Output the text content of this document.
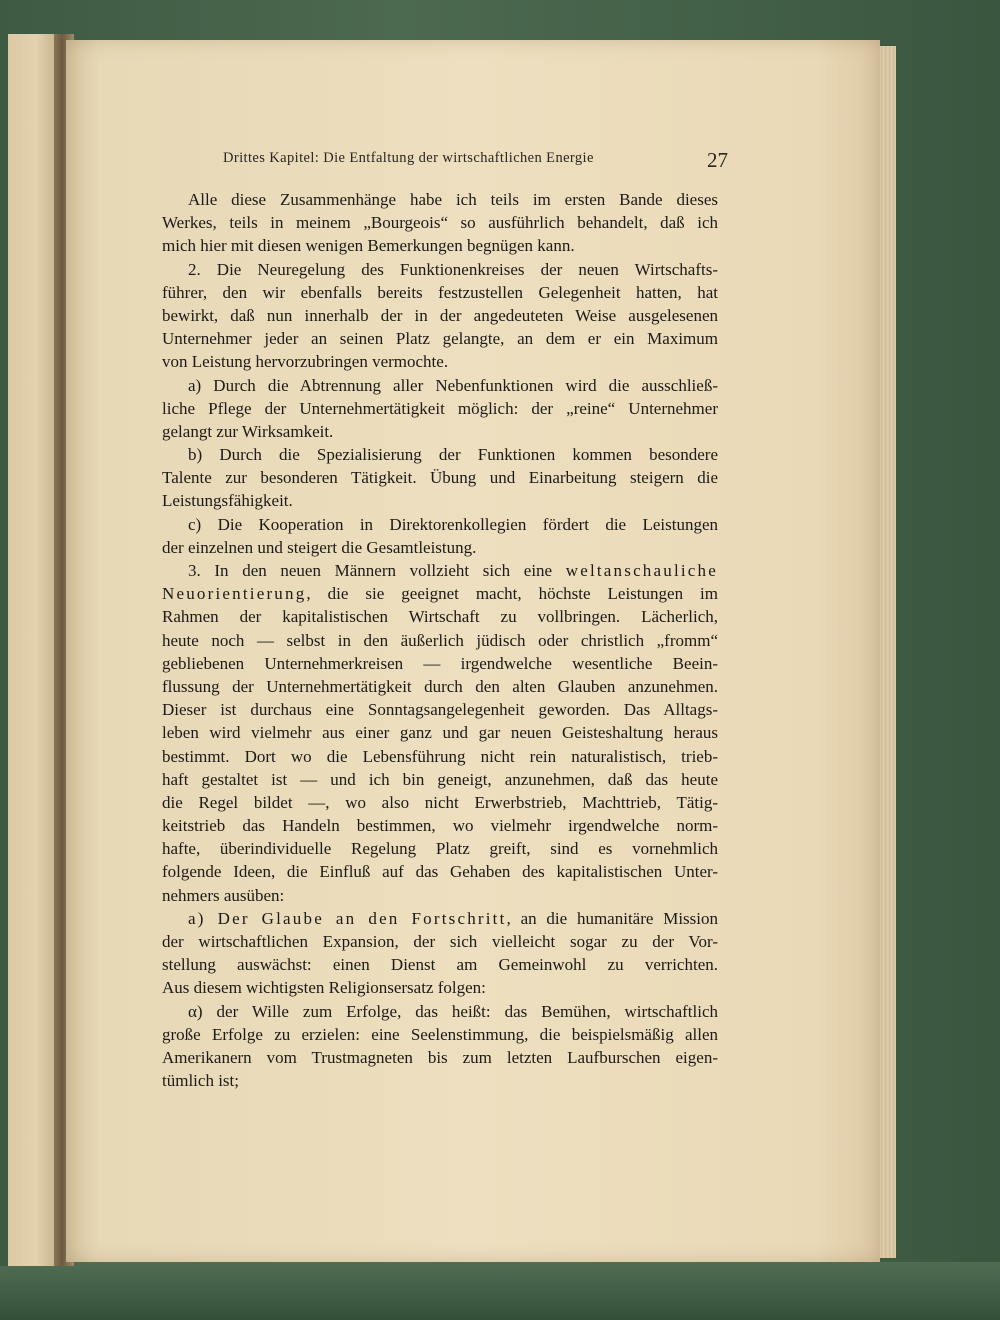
Drittes Kapitel: Die Entfaltung der wirtschaftlichen Energie	27
Alle diese Zusammenhänge habe ich teils im ersten Bande dieses
Werkes, teils in meinem „Bourgeois“ so ausführlich behandelt, daß ich
mich hier mit diesen wenigen Bemerkungen begnügen kann.
2. Die Neuregelung des Funktionenkreises der neuen Wirtschafts-
führer, den wir ebenfalls bereits festzustellen Gelegenheit hatten, hat
bewirkt, daß nun innerhalb der in der angedeuteten Weise ausgelesenen
Unternehmer jeder an seinen Platz gelangte, an dem er ein Maximum
von Leistung hervorzubringen vermochte.
a) Durch die Abtrennung aller Nebenfunktionen wird die ausschließ-
liche Pflege der Unternehmertätigkeit möglich: der „reine“ Unternehmer
gelangt zur Wirksamkeit.
b) Durch die Spezialisierung der Funktionen kommen besondere
Talente zur besonderen Tätigkeit. Übung und Einarbeitung steigern die
Leistungsfähigkeit.
c) Die Kooperation in Direktorenkollegien fördert die Leistungen
der einzelnen und steigert die Gesamtleistung.
3. In den neuen Männern vollzieht sich eine weltanschauliche
Neuorientierung, die sie geeignet macht, höchste Leistungen im
Rahmen der kapitalistischen Wirtschaft zu vollbringen. Lächerlich,
heute noch — selbst in den äußerlich jüdisch oder christlich „fromm“
gebliebenen Unternehmerkreisen — irgendwelche wesentliche Beein-
flussung der Unternehmertätigkeit durch den alten Glauben anzunehmen.
Dieser ist durchaus eine Sonntagsangelegenheit geworden. Das Alltags-
leben wird vielmehr aus einer ganz und gar neuen Geisteshaltung heraus
bestimmt. Dort wo die Lebensführung nicht rein naturalistisch, trieb-
haft gestaltet ist — und ich bin geneigt, anzunehmen, daß das heute
die Regel bildet —, wo also nicht Erwerbstrieb, Machttrieb, Tätig-
keitstrieb das Handeln bestimmen, wo vielmehr irgendwelche norm-
hafte, überindividuelle Regelung Platz greift, sind es vornehmlich
folgende Ideen, die Einfluß auf das Gehaben des kapitalistischen Unter-
nehmers ausüben:
a) Der Glaube an den Fortschritt, an die humanitäre Mission
der wirtschaftlichen Expansion, der sich vielleicht sogar zu der Vor-
stellung auswächst: einen Dienst am Gemeinwohl zu verrichten.
Aus diesem wichtigsten Religionsersatz folgen:
α) der Wille zum Erfolge, das heißt: das Bemühen, wirtschaftlich
große Erfolge zu erzielen: eine Seelenstimmung, die beispielsmäßig allen
Amerikanern vom Trustmagneten bis zum letzten Laufburschen eigen-
tümlich ist;
